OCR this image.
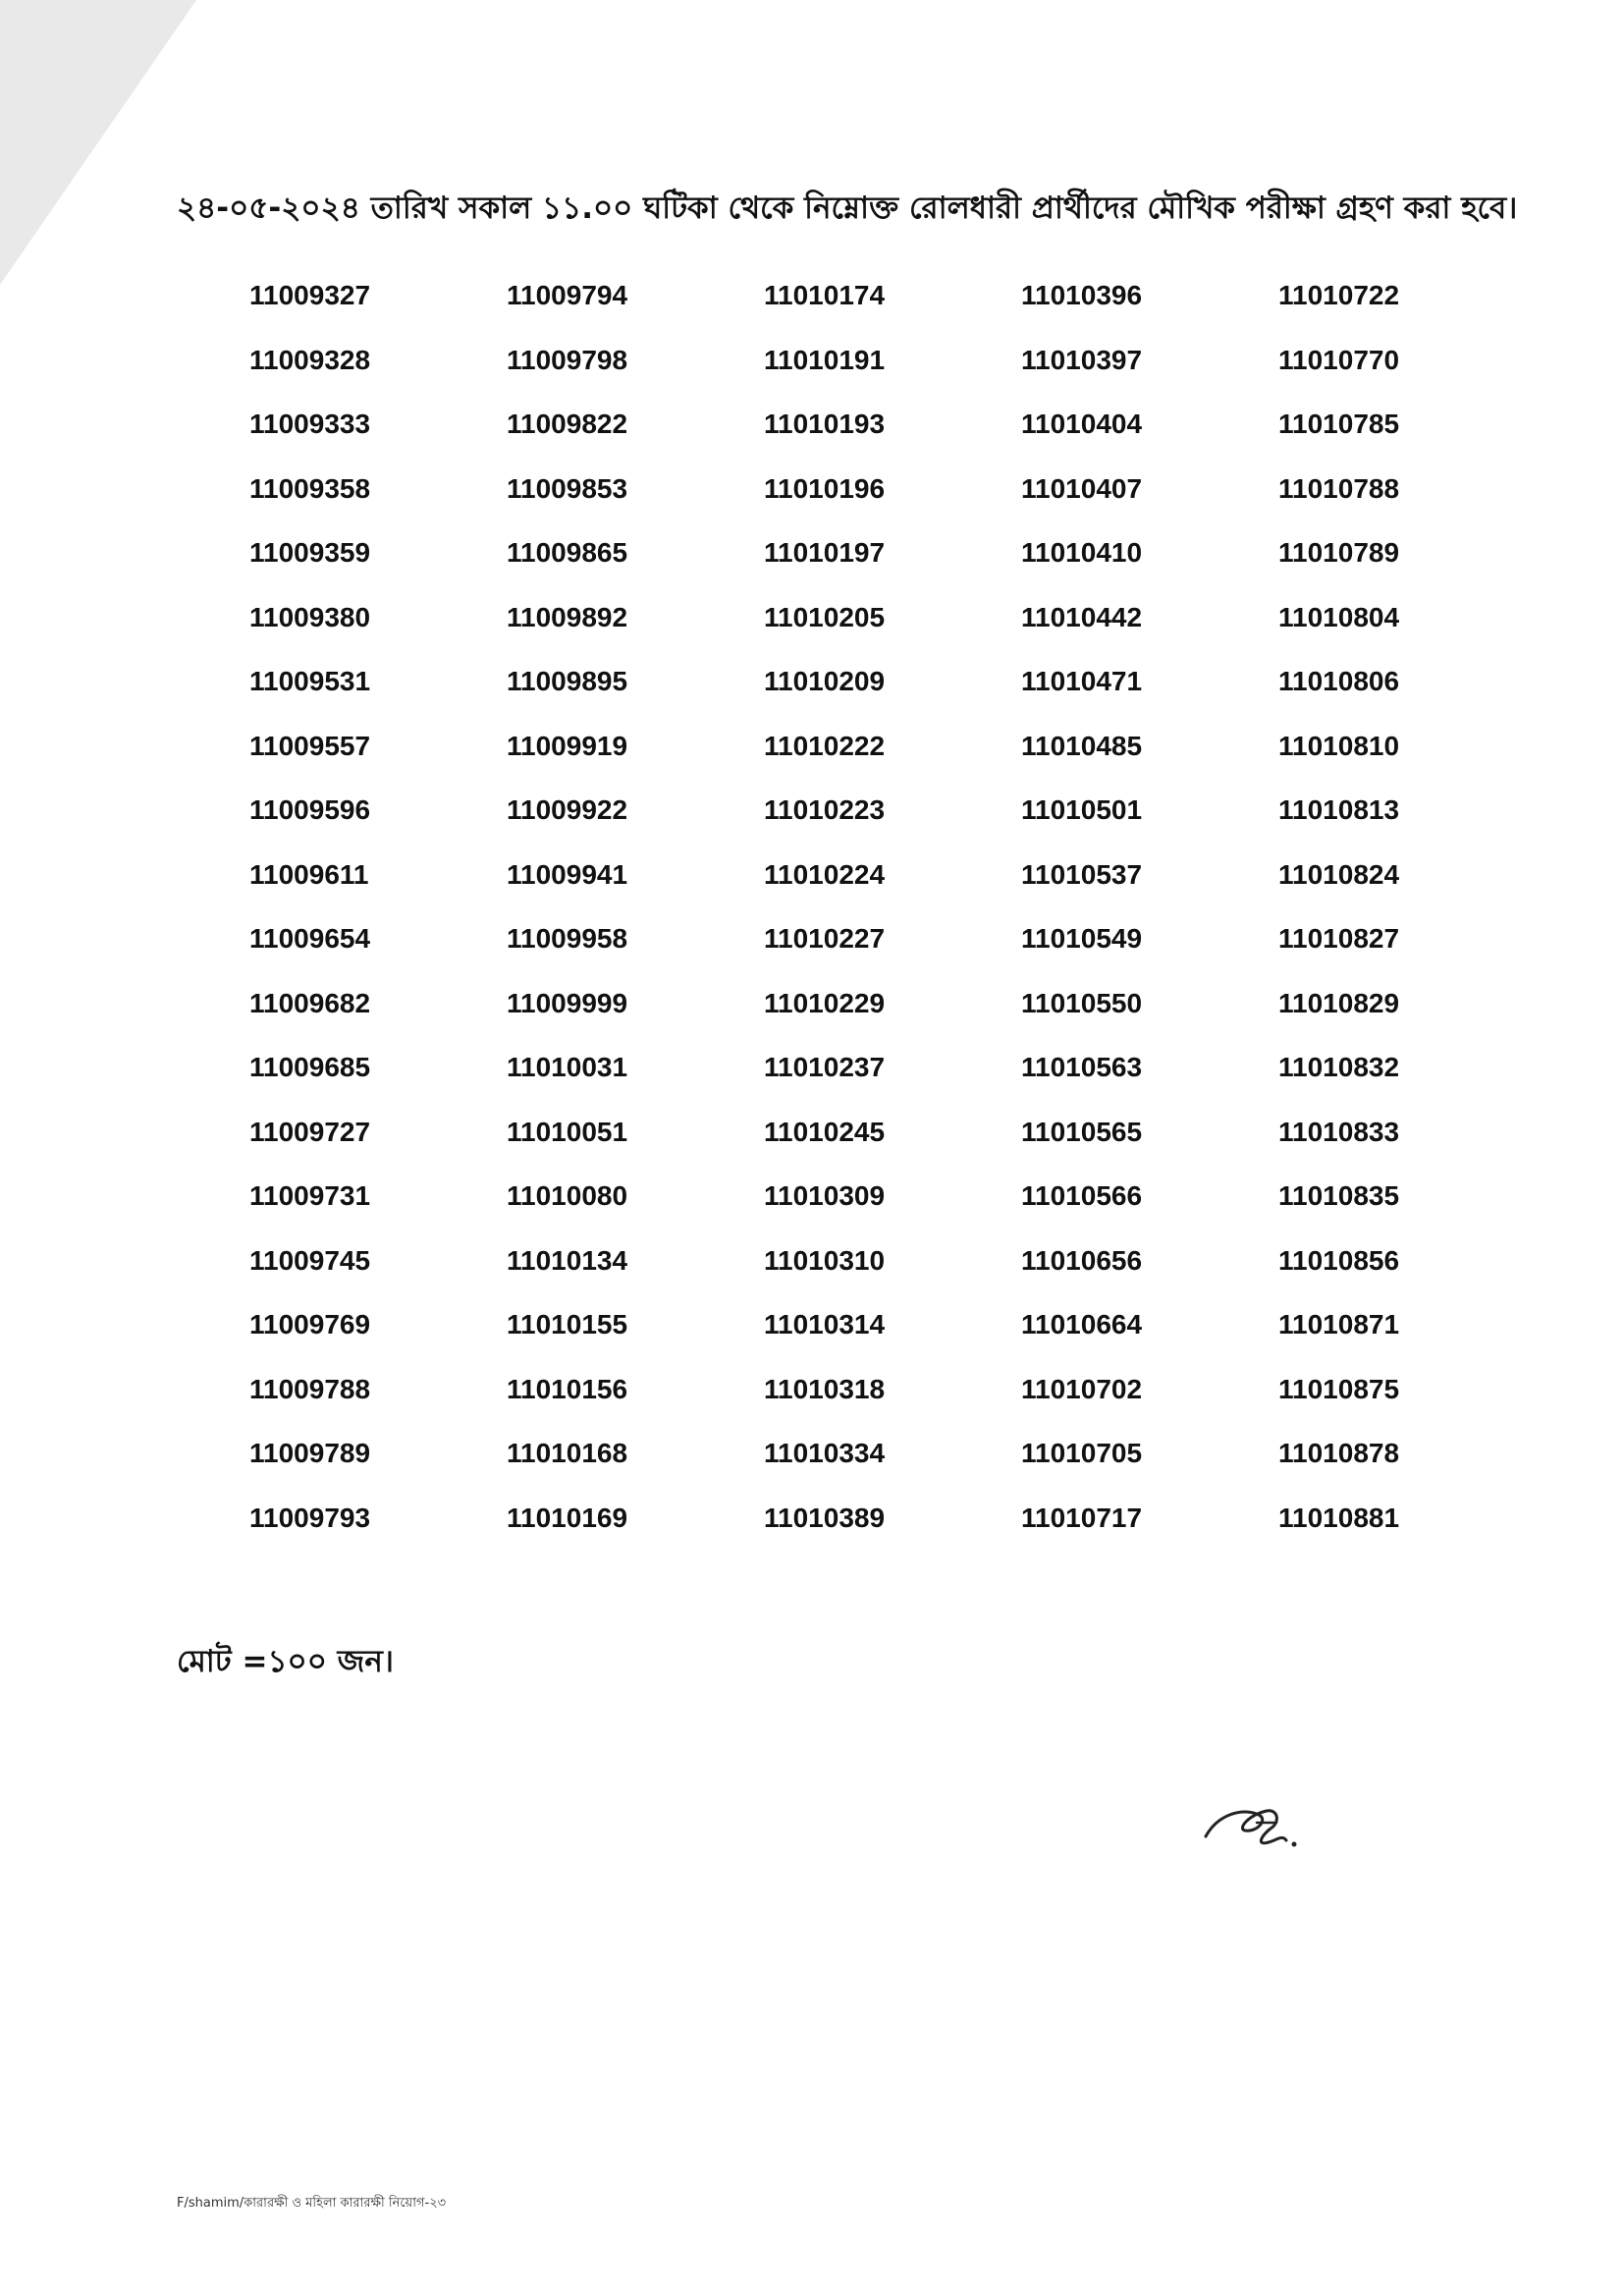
২৪-০৫-২০২৪ তারিখ সকাল ১১.০০ ঘটিকা থেকে নিম্নোক্ত রোলধারী প্রার্থীদের মৌখিক পরীক্ষা গ্রহণ করা হবে।
11009327	11009794	11010174	11010396	11010722
11009328	11009798	11010191	11010397	11010770
11009333	11009822	11010193	11010404	11010785
11009358	11009853	11010196	11010407	11010788
11009359	11009865	11010197	11010410	11010789
11009380	11009892	11010205	11010442	11010804
11009531	11009895	11010209	11010471	11010806
11009557	11009919	11010222	11010485	11010810
11009596	11009922	11010223	11010501	11010813
11009611	11009941	11010224	11010537	11010824
11009654	11009958	11010227	11010549	11010827
11009682	11009999	11010229	11010550	11010829
11009685	11010031	11010237	11010563	11010832
11009727	11010051	11010245	11010565	11010833
11009731	11010080	11010309	11010566	11010835
11009745	11010134	11010310	11010656	11010856
11009769	11010155	11010314	11010664	11010871
11009788	11010156	11010318	11010702	11010875
11009789	11010168	11010334	11010705	11010878
11009793	11010169	11010389	11010717	11010881
মোট =১০০ জন।
F/shamim/কারারক্ষী ও মহিলা কারারক্ষী নিয়োগ-২৩
